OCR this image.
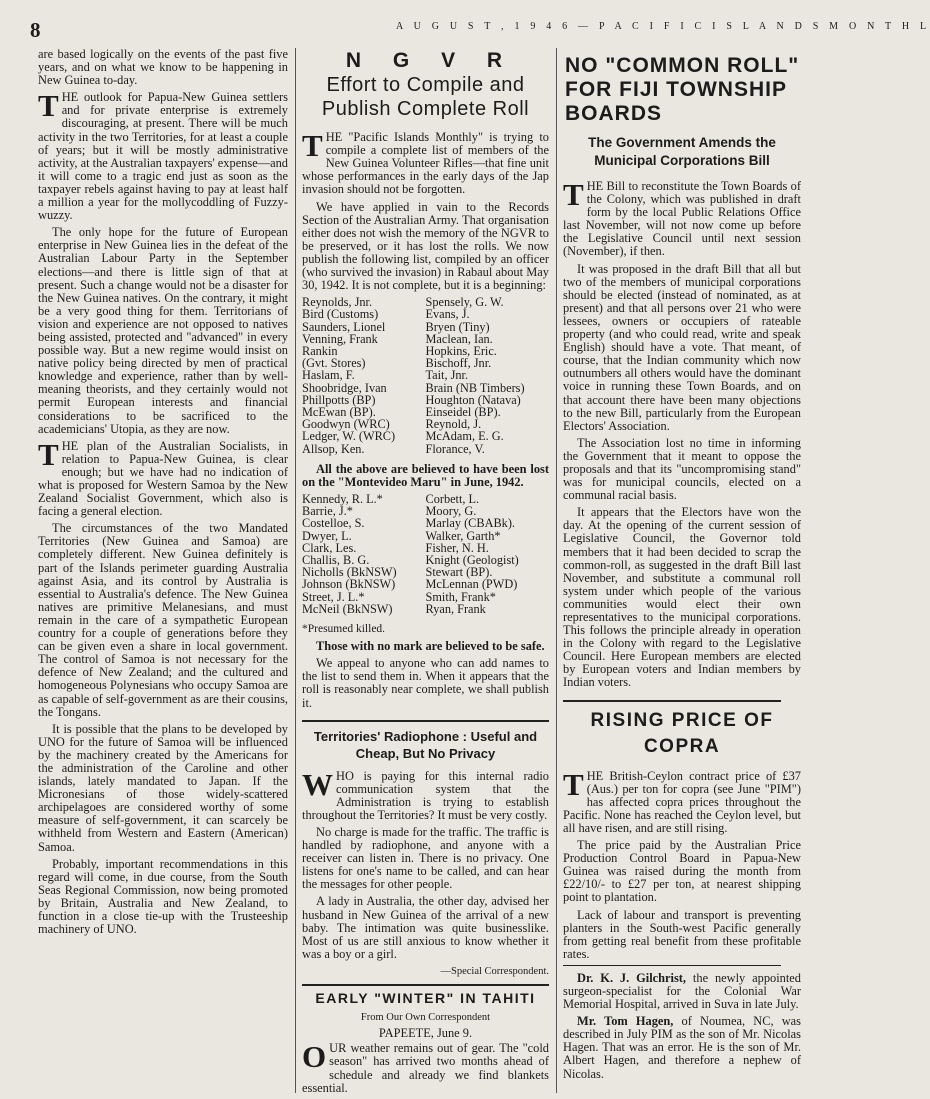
8	A U G U S T , 1 9 4 6 — P A C I F I C I S L A N D S M O N T H L

are based logically on the events of the past five years, and on what we know to be happening in New Guinea to-day.

THE outlook for Papua-New Guinea settlers and for private enterprise is extremely discouraging, at present. There will be much activity in the two Territories, for at least a couple of years; but it will be mostly administrative activity, at the Australian taxpayers' expense—and it will come to a tragic end just as soon as the taxpayer rebels against having to pay at least half a million a year for the mollycoddling of Fuzzy-wuzzy.

The only hope for the future of European enterprise in New Guinea lies in the defeat of the Australian Labour Party in the September elections—and there is little sign of that at present. Such a change would not be a disaster for the New Guinea natives. On the contrary, it might be a very good thing for them. Territorians of vision and experience are not opposed to natives being assisted, protected and "advanced" in every possible way. But a new regime would insist on native policy being directed by men of practical knowledge and experience, rather than by well-meaning theorists, and they certainly would not permit European interests and financial considerations to be sacrificed to the academicians' Utopia, as they are now.

THE plan of the Australian Socialists, in relation to Papua-New Guinea, is clear enough; but we have had no indication of what is proposed for Western Samoa by the New Zealand Socialist Government, which also is facing a general election.

The circumstances of the two Mandated Territories (New Guinea and Samoa) are completely different. New Guinea definitely is part of the Islands perimeter guarding Australia against Asia, and its control by Australia is essential to Australia's defence. The New Guinea natives are primitive Melanesians, and must remain in the care of a sympathetic European country for a couple of generations before they can be given even a share in local government. The control of Samoa is not necessary for the defence of New Zealand; and the cultured and homogeneous Polynesians who occupy Samoa are as capable of self-government as are their cousins, the Tongans.

It is possible that the plans to be developed by UNO for the future of Samoa will be influenced by the machinery created by the Americans for the administration of the Caroline and other islands, lately mandated to Japan. If the Micronesians of those widely-scattered archipelagoes are considered worthy of some measure of self-government, it can scarcely be withheld from Western and Eastern (American) Samoa.

Probably, important recommendations in this regard will come, in due course, from the South Seas Regional Commission, now being promoted by Britain, Australia and New Zealand, to function in a close tie-up with the Trusteeship machinery of UNO.

N G V R
Effort to Compile and Publish Complete Roll

THE "Pacific Islands Monthly" is trying to compile a complete list of members of the New Guinea Volunteer Rifles—that fine unit whose performances in the early days of the Jap invasion should not be forgotten.

We have applied in vain to the Records Section of the Australian Army. That organisation either does not wish the memory of the NGVR to be preserved, or it has lost the rolls. We now publish the following list, compiled by an officer (who survived the invasion) in Rabaul about May 30, 1942. It is not complete, but it is a beginning:

Reynolds, Jnr.	Spensely, G. W.
Bird (Customs)	Evans, J.
Saunders, Lionel	Bryen (Tiny)
Venning, Frank	Maclean, Ian.
Rankin	Hopkins, Eric.
(Gvt. Stores)	Bischoff, Jnr.
Haslam, F.	Tait, Jnr.
Shoobridge, Ivan	Brain (NB Timbers)
Phillpotts (BP)	Houghton (Natava)
McEwan (BP).	Einseidel (BP).
Goodwyn (WRC)	Reynold, J.
Ledger, W. (WRC)	McAdam, E. G.
Allsop, Ken.	Florance, V.

All the above are believed to have been lost on the "Montevideo Maru" in June, 1942.

Kennedy, R. L.*	Corbett, L.
Barrie, J.*	Moory, G.
Costelloe, S.	Marlay (CBABk).
Dwyer, L.	Walker, Garth*
Clark, Les.	Fisher, N. H.
Challis, B. G.	Knight (Geologist)
Nicholls (BkNSW)	Stewart (BP).
Johnson (BkNSW)	McLennan (PWD)
Street, J. L.*	Smith, Frank*
McNeil (BkNSW)	Ryan, Frank

*Presumed killed.

Those with no mark are believed to be safe.

We appeal to anyone who can add names to the list to send them in. When it appears that the roll is reasonably near complete, we shall publish it.

Territories' Radiophone : Useful and Cheap, But No Privacy

WHO is paying for this internal radio communication system that the Administration is trying to establish throughout the Territories? It must be very costly.

No charge is made for the traffic. The traffic is handled by radiophone, and anyone with a receiver can listen in. There is no privacy. One listens for one's name to be called, and can hear the messages for other people.

A lady in Australia, the other day, advised her husband in New Guinea of the arrival of a new baby. The intimation was quite businesslike. Most of us are still anxious to know whether it was a boy or a girl.

—Special Correspondent.
EARLY "WINTER" IN TAHITI
From Our Own Correspondent
PAPEETE, June 9.

OUR weather remains out of gear. The "cold season" has arrived two months ahead of schedule and already we find blankets essential.

NO "COMMON ROLL" FOR FIJI TOWNSHIP BOARDS
The Government Amends the Municipal Corporations Bill

THE Bill to reconstitute the Town Boards of the Colony, which was published in draft form by the local Public Relations Office last November, will not now come up before the Legislative Council until next session (November), if then.

It was proposed in the draft Bill that all but two of the members of municipal corporations should be elected (instead of nominated, as at present) and that all persons over 21 who were lessees, owners or occupiers of rateable property (and who could read, write and speak English) should have a vote. That meant, of course, that the Indian community which now outnumbers all others would have the dominant voice in running these Town Boards, and on that account there have been many objections to the new Bill, particularly from the European Electors' Association.

The Association lost no time in informing the Government that it meant to oppose the proposals and that its "uncompromising stand" was for municipal councils, elected on a communal racial basis.

It appears that the Electors have won the day. At the opening of the current session of Legislative Council, the Governor told members that it had been decided to scrap the common-roll, as suggested in the draft Bill last November, and substitute a communal roll system under which people of the various communities would elect their own representatives to the municipal corporations. This follows the principle already in operation in the Colony with regard to the Legislative Council. Here European members are elected by European voters and Indian members by Indian voters.

RISING PRICE OF COPRA

THE British-Ceylon contract price of £37 (Aus.) per ton for copra (see June "PIM") has affected copra prices throughout the Pacific. None has reached the Ceylon level, but all have risen, and are still rising.

The price paid by the Australian Price Production Control Board in Papua-New Guinea was raised during the month from £22/10/- to £27 per ton, at nearest shipping point to plantation.

Lack of labour and transport is preventing planters in the South-west Pacific generally from getting real benefit from these profitable rates.

Dr. K. J. Gilchrist, the newly appointed surgeon-specialist for the Colonial War Memorial Hospital, arrived in Suva in late July.

Mr. Tom Hagen, of Noumea, NC, was described in July PIM as the son of Mr. Nicolas Hagen. That was an error. He is the son of Mr. Albert Hagen, and therefore a nephew of Nicolas.
